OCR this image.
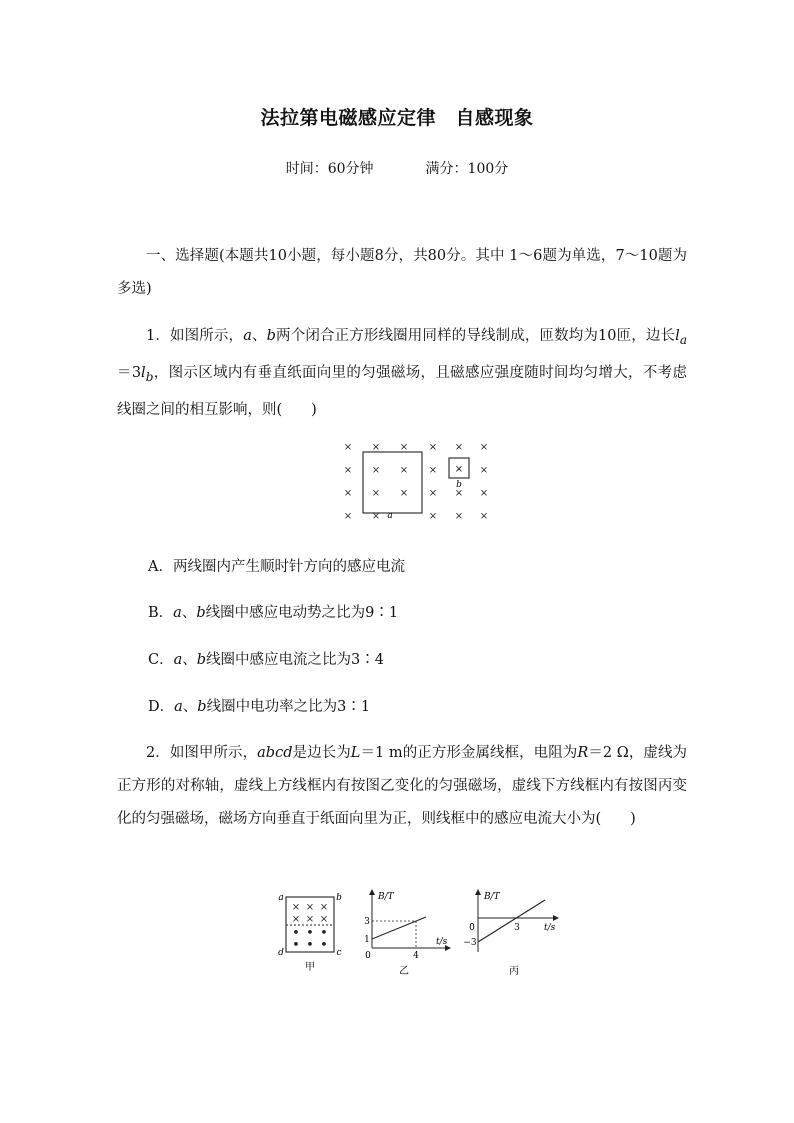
法拉第电磁感应定律　自感现象
时间：60分钟	满分：100分
一、选择题(本题共10小题，每小题8分，共80分。其中 1～6题为单选，7～10题为多选)
1．如图所示，a、b两个闭合正方形线圈用同样的导线制成，匝数均为10匝，边长$l_a=3l_b$，图示区域内有垂直纸面向里的匀强磁场，且磁感应强度随时间均匀增大，不考虑线圈之间的相互影响，则(　　)
× × × × × ×
× × × ×	×
× × × × × ×
× ×	× × ×
×
b
a
A．两线圈内产生顺时针方向的感应电流
B．a、b线圈中感应电动势之比为9∶1
C．a、b线圈中感应电流之比为3∶4
D．a、b线圈中电功率之比为3∶1
2．如图甲所示，abcd是边长为L＝1 m的正方形金属线框，电阻为R＝2 Ω，虚线为正方形的对称轴，虚线上方线框内有按图乙变化的匀强磁场，虚线下方线框内有按图丙变化的匀强磁场，磁场方向垂直于纸面向里为正，则线框中的感应电流大小为(　　)
× × ×
× × ×
• • •
• • •
a	b
c
d
甲
B/T
t/s
3
1
0	4
乙
B/T
t/s
0
−3
3
丙
